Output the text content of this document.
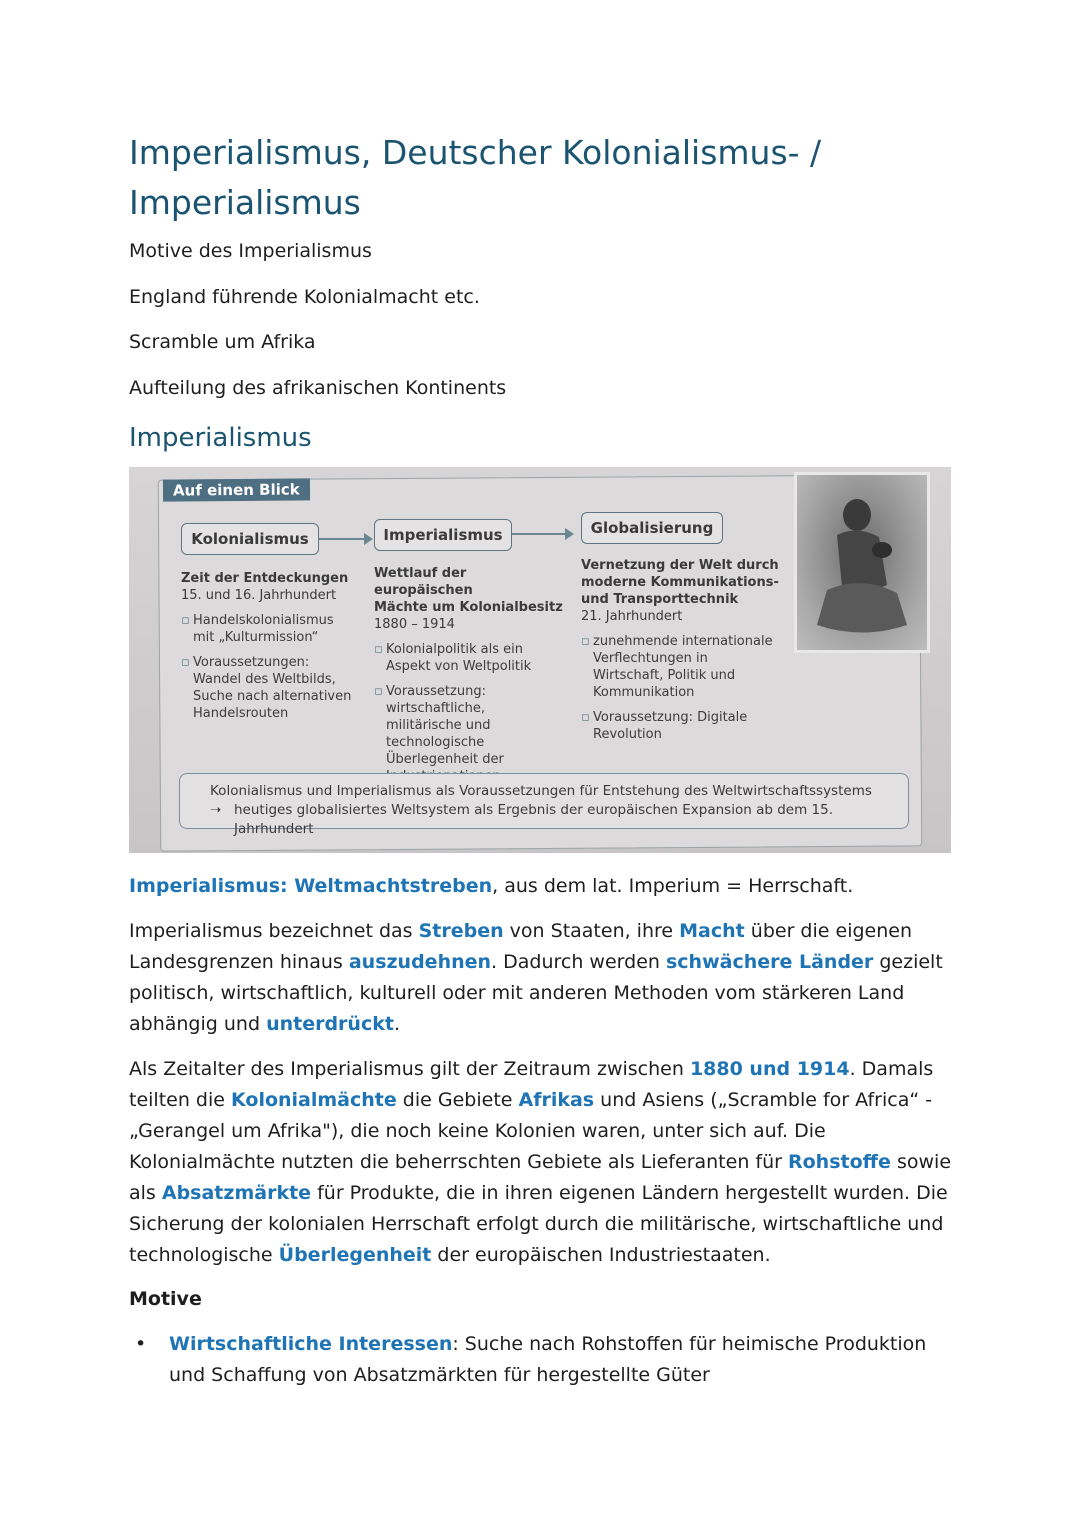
Imperialismus, Deutscher Kolonialismus- / Imperialismus

Motive des Imperialismus

England führende Kolonialmacht etc.

Scramble um Afrika

Aufteilung des afrikanischen Kontinents

Imperialismus
Auf einen Blick
Kolonialismus	Imperialismus	Globalisierung
Zeit der Entdeckungen
15. und 16. Jahrhundert
▫ Handelskolonialismus mit „Kulturmission“
▫ Voraussetzungen: Wandel des Weltbilds, Suche nach alternativen Handelsrouten
Wettlauf der europäischen
Mächte um Kolonialbesitz
1880 – 1914
▫ Kolonialpolitik als ein Aspekt von Weltpolitik
▫ Voraussetzung: wirtschaftliche, militärische und technologische Überlegenheit der
Vernetzung der Welt durch
moderne Kommunikations-
und Transporttechnik
21. Jahrhundert
▫ zunehmende internationale Verflechtungen in Wirtschaft, Politik und Kommunikation
▫ Voraussetzung: Digitale Revolution
Kolonialismus und Imperialismus als Voraussetzungen für Entstehung des Weltwirtschaftssystems
➝ heutiges globalisiertes Weltsystem als Ergebnis der europäischen Expansion ab dem 15. Jahrhundert

Imperialismus: Weltmachtstreben, aus dem lat. Imperium = Herrschaft.

Imperialismus bezeichnet das Streben von Staaten, ihre Macht über die eigenen Landesgrenzen hinaus auszudehnen. Dadurch werden schwächere Länder gezielt politisch, wirtschaftlich, kulturell oder mit anderen Methoden vom stärkeren Land abhängig und unterdrückt.

Als Zeitalter des Imperialismus gilt der Zeitraum zwischen 1880 und 1914. Damals teilten die Kolonialmächte die Gebiete Afrikas und Asiens („Scramble for Africa“ - „Gerangel um Afrika"), die noch keine Kolonien waren, unter sich auf. Die Kolonialmächte nutzten die beherrschten Gebiete als Lieferanten für Rohstoffe sowie als Absatzmärkte für Produkte, die in ihren eigenen Ländern hergestellt wurden. Die Sicherung der kolonialen Herrschaft erfolgt durch die militärische, wirtschaftliche und technologische Überlegenheit der europäischen Industriestaaten.

Motive

• Wirtschaftliche Interessen: Suche nach Rohstoffen für heimische Produktion und Schaffung von Absatzmärkten für hergestellte Güter
